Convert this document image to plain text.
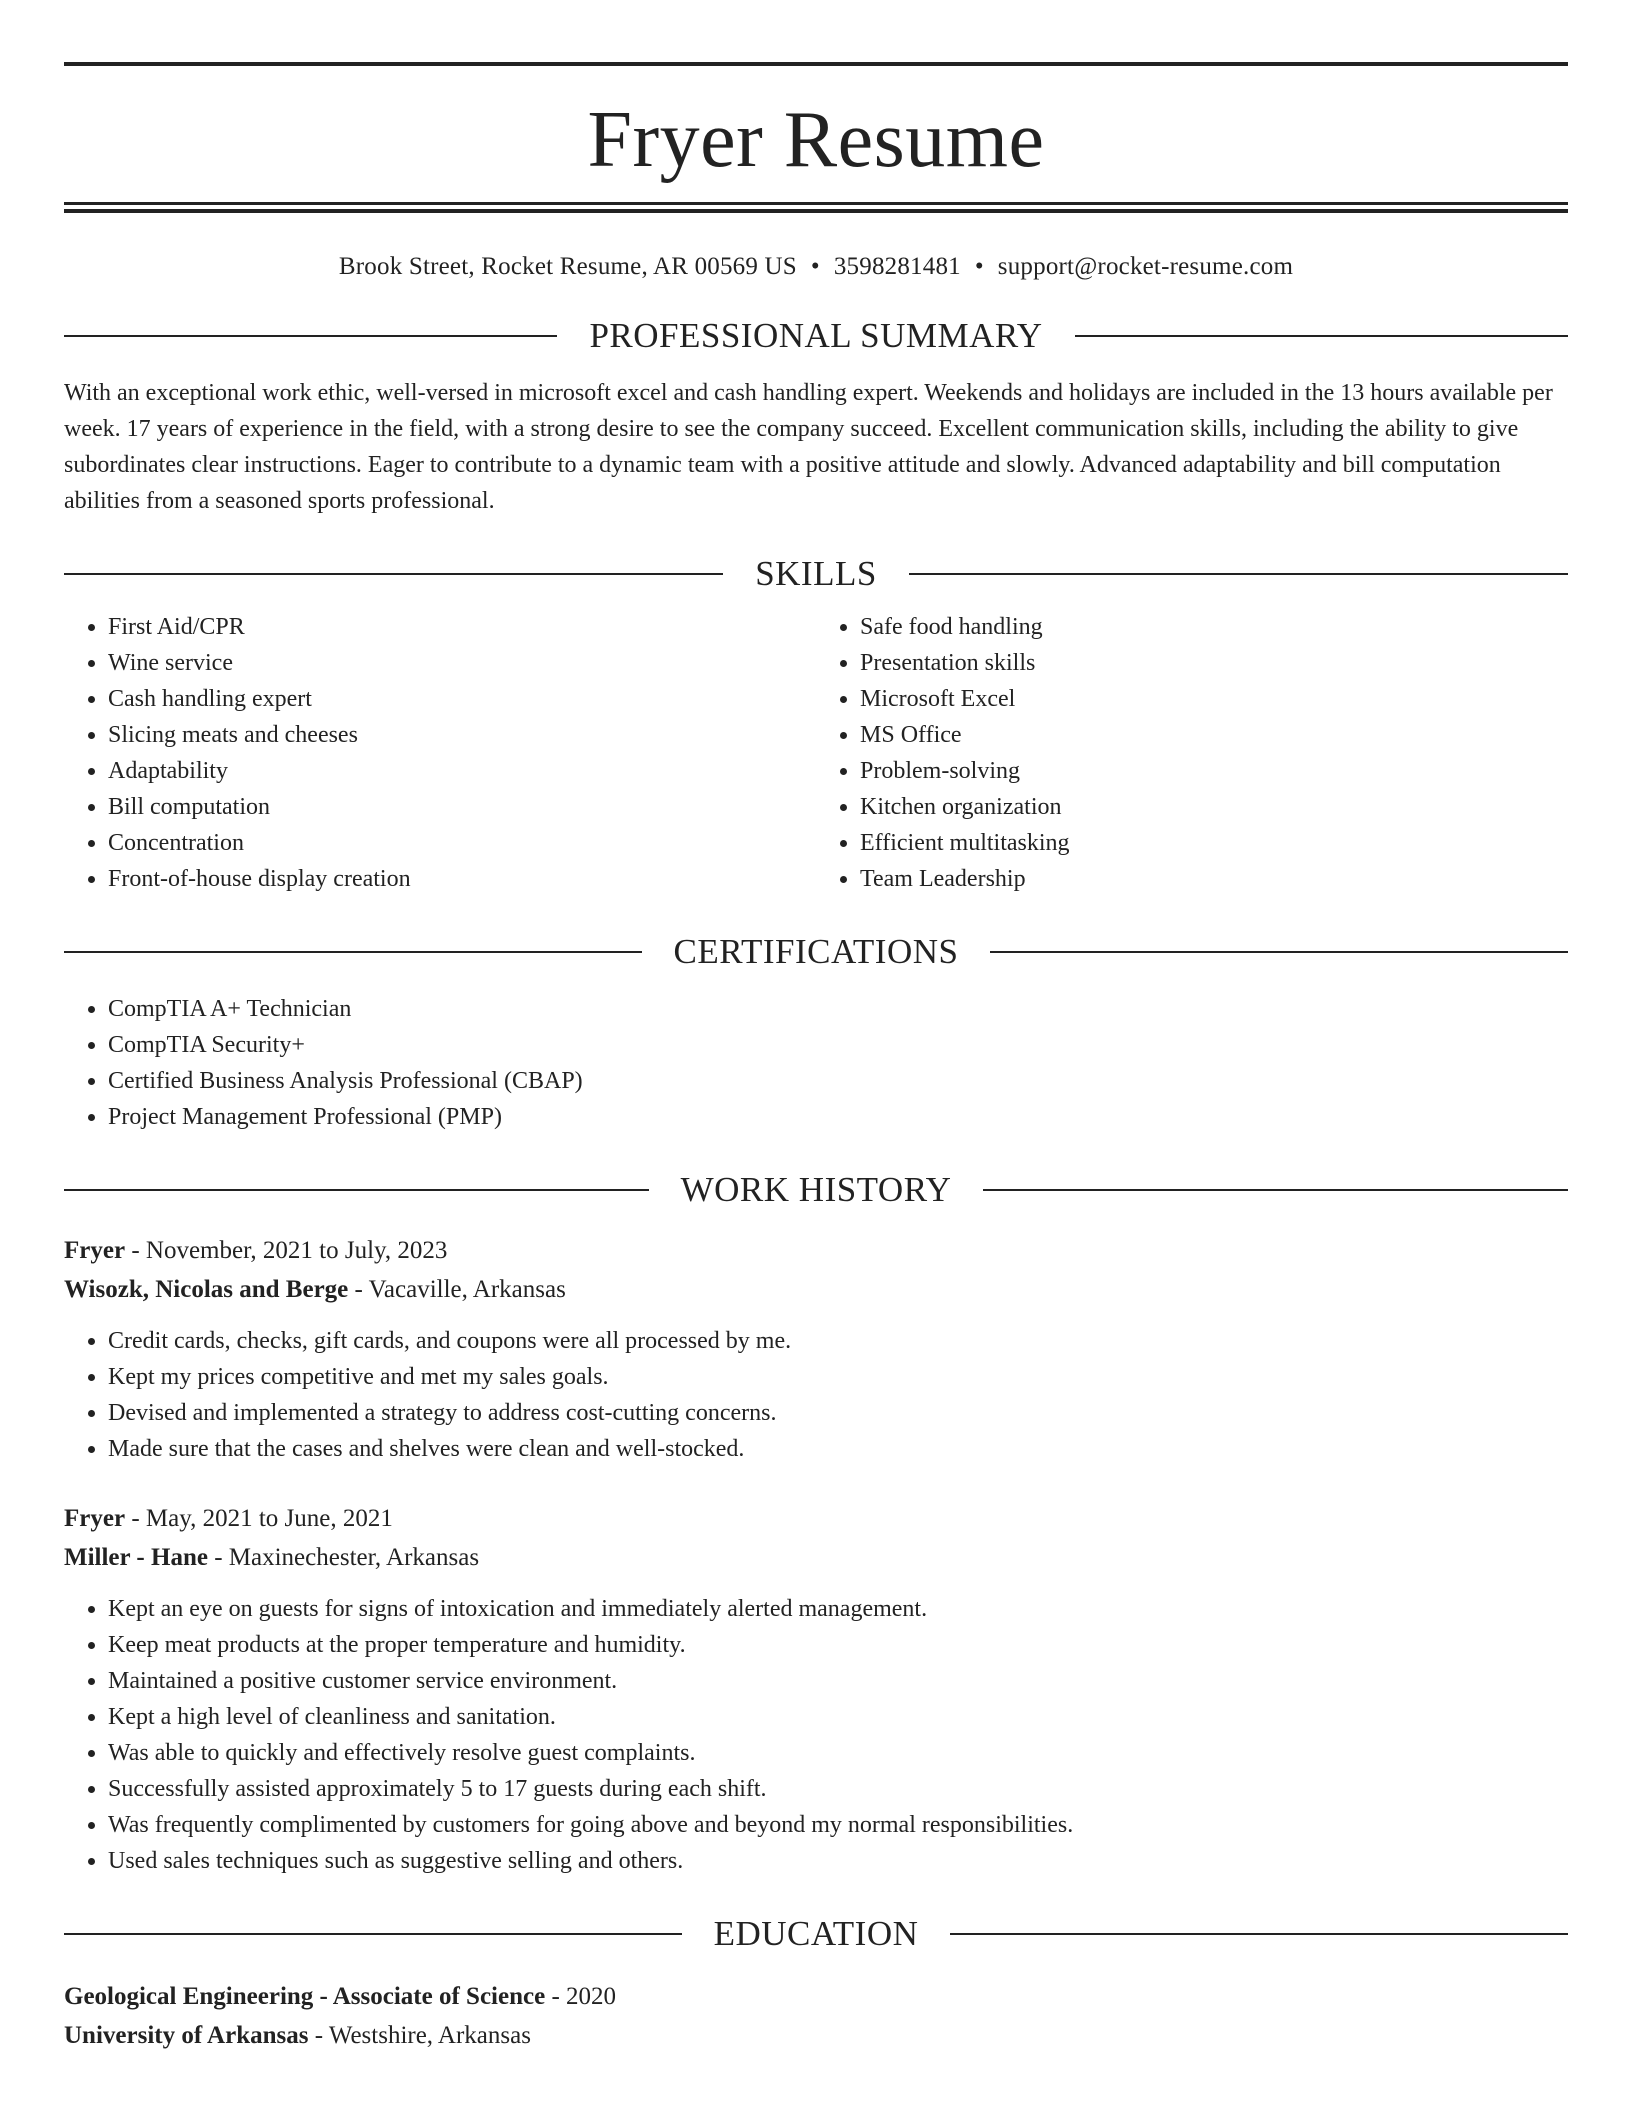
Fryer Resume
Brook Street, Rocket Resume, AR 00569 US • 3598281481 • support@rocket-resume.com
PROFESSIONAL SUMMARY
With an exceptional work ethic, well-versed in microsoft excel and cash handling expert. Weekends and holidays are included in the 13 hours available per week. 17 years of experience in the field, with a strong desire to see the company succeed. Excellent communication skills, including the ability to give subordinates clear instructions. Eager to contribute to a dynamic team with a positive attitude and slowly. Advanced adaptability and bill computation abilities from a seasoned sports professional.
SKILLS
• First Aid/CPR
• Wine service
• Cash handling expert
• Slicing meats and cheeses
• Adaptability
• Bill computation
• Concentration
• Front-of-house display creation
• Safe food handling
• Presentation skills
• Microsoft Excel
• MS Office
• Problem-solving
• Kitchen organization
• Efficient multitasking
• Team Leadership
CERTIFICATIONS
• CompTIA A+ Technician
• CompTIA Security+
• Certified Business Analysis Professional (CBAP)
• Project Management Professional (PMP)
WORK HISTORY
Fryer - November, 2021 to July, 2023
Wisozk, Nicolas and Berge - Vacaville, Arkansas
• Credit cards, checks, gift cards, and coupons were all processed by me.
• Kept my prices competitive and met my sales goals.
• Devised and implemented a strategy to address cost-cutting concerns.
• Made sure that the cases and shelves were clean and well-stocked.
Fryer - May, 2021 to June, 2021
Miller - Hane - Maxinechester, Arkansas
• Kept an eye on guests for signs of intoxication and immediately alerted management.
• Keep meat products at the proper temperature and humidity.
• Maintained a positive customer service environment.
• Kept a high level of cleanliness and sanitation.
• Was able to quickly and effectively resolve guest complaints.
• Successfully assisted approximately 5 to 17 guests during each shift.
• Was frequently complimented by customers for going above and beyond my normal responsibilities.
• Used sales techniques such as suggestive selling and others.
EDUCATION
Geological Engineering - Associate of Science - 2020
University of Arkansas - Westshire, Arkansas
